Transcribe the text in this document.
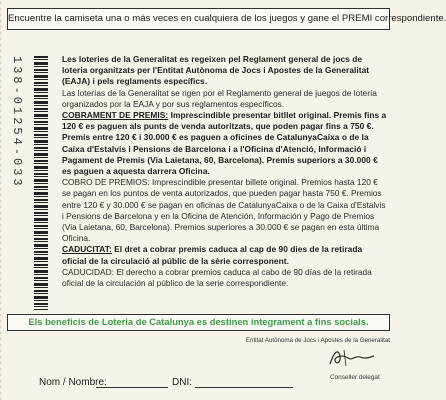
Encuentre la camiseta una o más veces en cualquiera de los juegos y gane el PREMI correspondiente.
138-01254-033	Les loteries de la Generalitat es regeixen pel Reglament general de jocs de loteria organitzats per l'Entitat Autònoma de Jocs i Apostes de la Generalitat (EAJA) i pels reglaments específics.

Las loterías de la Generalitat se rigen por el Reglamento general de juegos de lotería organizados por la EAJA y por sus reglamentos específicos.

COBRAMENT DE PREMIS: Imprescindible presentar bitllet original. Premis fins a 120 € es paguen als punts de venda autoritzats, que poden pagar fins a 750 €. Premis entre 120 € i 30.000 € es paguen a oficines de CatalunyaCaixa o de la Caixa d'Estalvis i Pensions de Barcelona i a l'Oficina d'Atenció, Informació i Pagament de Premis (Via Laietana, 60, Barcelona). Premis superiors a 30.000 € es paguen a aquesta darrera Oficina.

COBRO DE PREMIOS: Imprescindible presentar billete original. Premios hasta 120 € se pagan en los puntos de venta autorizados, que pueden pagar hasta 750 €. Premios entre 120 € y 30.000 € se pagan en oficinas de CatalunyaCaixa o de la Caixa d'Estalvis i Pensions de Barcelona y en la Oficina de Atención, Información y Pago de Premios (Via Laietana, 60, Barcelona). Premios superiores a 30.000 € se pagan en esta última Oficina.

CADUCITAT: El dret a cobrar premis caduca al cap de 90 dies de la retirada oficial de la circulació al públic de la sèrie corresponent.

CADUCIDAD: El derecho a cobrar premios caduca al cabo de 90 días de la retirada oficial de la circulación al público de la serie correspondiente.

Els beneficis de Loteria de Catalunya es destinen íntegrament a fins socials.
Entitat Autònoma de Jocs i Apostes de la Generalitat
Conseller delegat
Nom / Nombre:	DNI:
